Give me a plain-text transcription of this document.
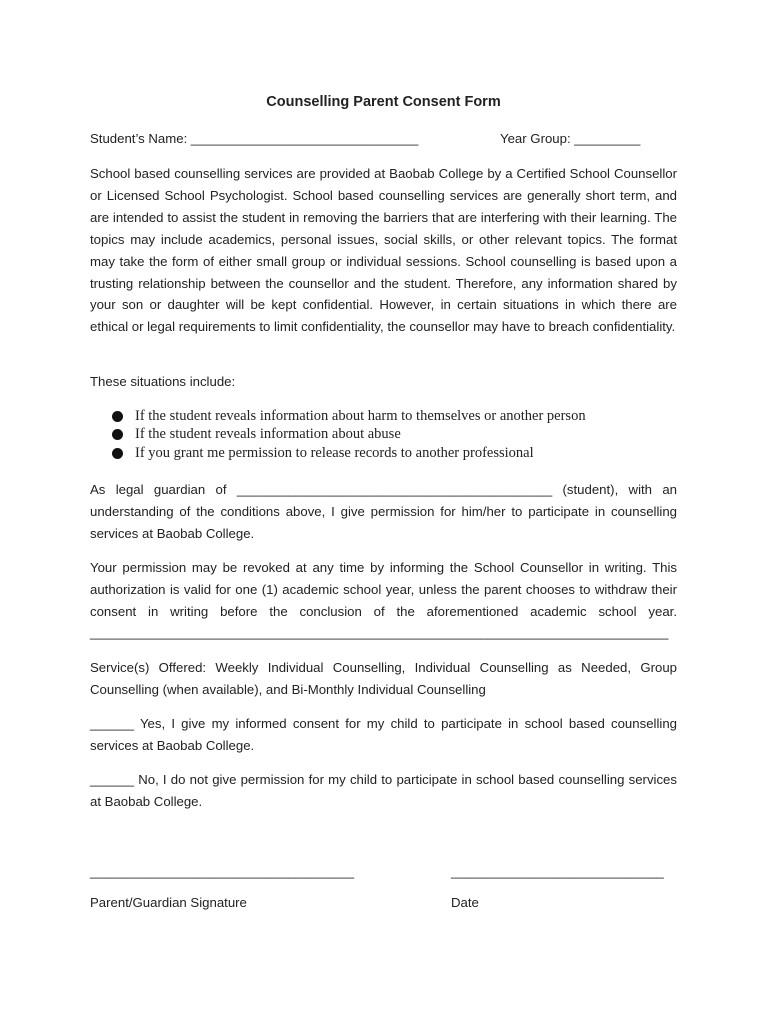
Counselling Parent Consent Form
Student’s Name: _______________________________	Year Group: _________
School based counselling services are provided at Baobab College by a Certified School Counsellor or Licensed School Psychologist. School based counselling services are generally short term, and are intended to assist the student in removing the barriers that are interfering with their learning. The topics may include academics, personal issues, social skills, or other relevant topics. The format may take the form of either small group or individual sessions. School counselling is based upon a trusting relationship between the counsellor and the student. Therefore, any information shared by your son or daughter will be kept confidential. However, in certain situations in which there are ethical or legal requirements to limit confidentiality, the counsellor may have to breach confidentiality.
These situations include:
If the student reveals information about harm to themselves or another person
If the student reveals information about abuse
If you grant me permission to release records to another professional
As legal guardian of ___________________________________________ (student), with an understanding of the conditions above, I give permission for him/her to participate in counselling services at Baobab College.
Your permission may be revoked at any time by informing the School Counsellor in writing. This authorization is valid for one (1) academic school year, unless the parent chooses to withdraw their consent in writing before the conclusion of the aforementioned academic school year.
________________________________________________________________________________
Service(s) Offered: Weekly Individual Counselling, Individual Counselling as Needed, Group Counselling (when available), and Bi-Monthly Individual Counselling
______ Yes, I give my informed consent for my child to participate in school based counselling services at Baobab College.
______ No, I do not give permission for my child to participate in school based counselling services at Baobab College.
____________________________________	_____________________________
Parent/Guardian Signature	Date
